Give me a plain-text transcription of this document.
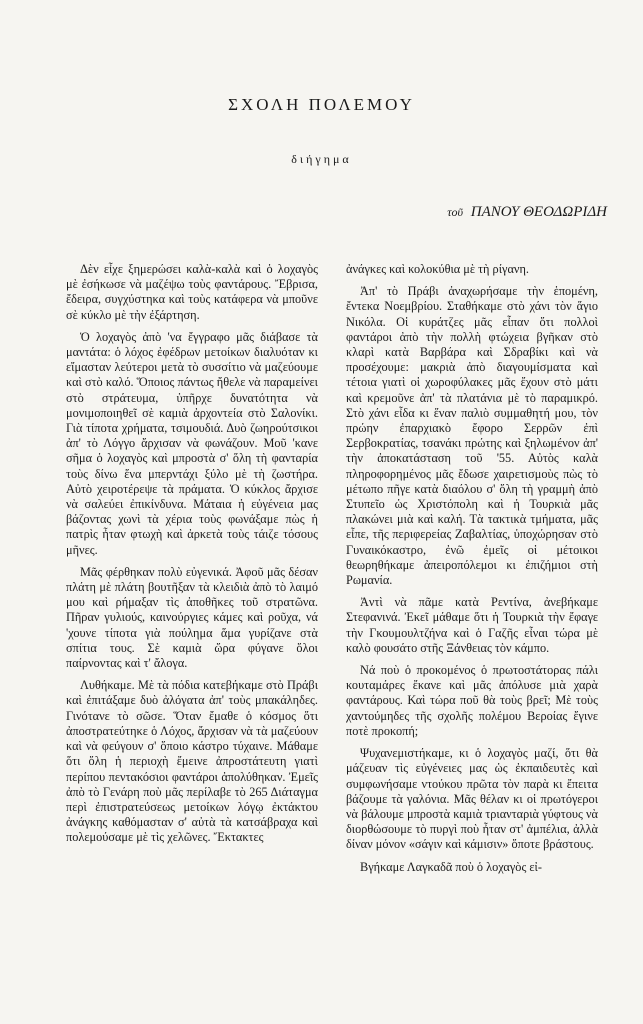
ΣΧΟΛΗ ΠΟΛΕΜΟΥ
διήγημα
τοῦ ΠΑΝΟΥ ΘΕΟΔΩΡΙΔΗ

Δὲν εἶχε ξημερώσει καλὰ-καλὰ καὶ ὁ λοχαγὸς μὲ ἐσήκωσε νὰ μαζέψω τοὺς φαντάρους. Ἔβρισα, ἔδειρα, συγχύστηκα καὶ τοὺς κατάφερα νὰ μποῦνε σὲ κύκλο μὲ τὴν ἐξάρτηση.

Ὁ λοχαγὸς ἀπὸ 'να ἔγγραφο μᾶς διάβασε τὰ μαντάτα: ὁ λόχος ἐφέδρων μετοίκων διαλυόταν κι εἴμασταν λεύτεροι μετὰ τὸ συσσίτιο νὰ μαζεύουμε καὶ στὸ καλό. Ὅποιος πάντως ἤθελε νὰ παραμείνει στὸ στράτευμα, ὑπῆρχε δυνατότητα νὰ μονιμοποιηθεῖ σὲ καμιὰ ἀρχοντεία στὸ Σαλονίκι. Γιὰ τίποτα χρήματα, τσιμουδιά. Δυὸ ζωηρούτσικοι ἀπ' τὸ Λόγγο ἄρχισαν νὰ φωνάζουν. Μοῦ 'κανε σῆμα ὁ λοχαγὸς καὶ μπροστὰ σ' ὅλη τὴ φανταρία τοὺς δίνω ἕνα μπερντάχι ξύλο μὲ τὴ ζωστήρα. Αὐτὸ χειροτέρεψε τὰ πράματα. Ὁ κύκλος ἄρχισε νὰ σαλεύει ἐπικίνδυνα. Μάταια ἡ εὐγένεια μας βάζοντας χωνὶ τὰ χέρια τοὺς φωνάξαμε πὼς ἡ πατρὶς ἦταν φτωχὴ καὶ ἀρκετὰ τοὺς τάιζε τόσους μῆνες.

Μᾶς φέρθηκαν πολὺ εὐγενικά. Ἀφοῦ μᾶς δέσαν πλάτη μὲ πλάτη βουτῆξαν τὰ κλειδιὰ ἀπὸ τὸ λαιμό μου καὶ ρήμαξαν τὶς ἀποθῆκες τοῦ στρατῶνα. Πῆραν γυλιούς, καινούργιες κάμες καὶ ροῦχα, νά 'χουνε τίποτα γιὰ πούλημα ἅμα γυρίζανε στὰ σπίτια τους. Σὲ καμιὰ ὥρα φύγανε ὅλοι παίρνοντας καὶ τ' ἄλογα.

Λυθήκαμε. Μὲ τὰ πόδια κατεβήκαμε στὸ Πράβι καὶ ἐπιτάξαμε δυὸ ἀλόγατα ἀπ' τοὺς μπακάληδες. Γινότανε τὸ σῶσε. Ὅταν ἔμαθε ὁ κόσμος ὅτι ἀποστρατεύτηκε ὁ Λόχος, ἄρχισαν νὰ τὰ μαζεύουν καὶ νὰ φεύγουν σ' ὅποιο κάστρο τύχαινε. Μάθαμε ὅτι ὅλη ἡ περιοχὴ ἔμεινε ἀπροστάτευτη γιατὶ περίπου πεντακόσιοι φαντάροι ἀπολύθηκαν. Ἐμεῖς ἀπὸ τὸ Γενάρη ποὺ μᾶς περίλαβε τὸ 265 Διάταγμα περὶ ἐπιστρατεύσεως μετοίκων λόγῳ ἐκτάκτου ἀνάγκης καθόμασταν σ' αὐτὰ τὰ κατσάβραχα καὶ πολεμούσαμε μὲ τὶς χελῶνες. Ἔκτακτες

ἀνάγκες καὶ κολοκύθια μὲ τὴ ρίγανη.

Ἀπ' τὸ Πράβι ἀναχωρήσαμε τὴν ἑπομένη, ἔντεκα Νοεμβρίου. Σταθήκαμε στὸ χάνι τὸν ἅγιο Νικόλα. Οἱ κυράτζες μᾶς εἶπαν ὅτι πολλοὶ φαντάροι ἀπὸ τὴν πολλὴ φτώχεια βγῆκαν στὸ κλαρὶ κατὰ Βαρβάρα καὶ Σδραβίκι καὶ νὰ προσέχουμε: μακριὰ ἀπὸ διαγουμίσματα καὶ τέτοια γιατὶ οἱ χωροφύλακες μᾶς ἔχουν στὸ μάτι καὶ κρεμοῦνε ἀπ' τὰ πλατάνια μὲ τὸ παραμικρό. Στὸ χάνι εἶδα κι ἕναν παλιὸ συμμαθητή μου, τὸν πρώην ἐπαρχιακὸ ἔφορο Σερρῶν ἐπὶ Σερβοκρατίας, τσανάκι πρώτης καὶ ξηλωμένον ἀπ' τὴν ἀποκατάσταση τοῦ '55. Αὐτὸς καλὰ πληροφορημένος μᾶς ἔδωσε χαιρετισμοὺς πὼς τὸ μέτωπο πῆγε κατὰ διαόλου σ' ὅλη τὴ γραμμὴ ἀπὸ Στυπεῖο ὡς Χριστόπολη καὶ ἡ Τουρκιὰ μᾶς πλακώνει μιὰ καὶ καλή. Τὰ τακτικὰ τμήματα, μᾶς εἶπε, τῆς περιφερείας Ζαβαλτίας, ὑποχώρησαν στὸ Γυναικόκαστρο, ἐνῶ ἐμεῖς οἱ μέτοικοι θεωρηθήκαμε ἀπειροπόλεμοι κι ἐπιζήμιοι στὴ Ρωμανία.

Ἀντὶ νὰ πᾶμε κατὰ Ρεντίνα, ἀνεβήκαμε Στεφανινά. Ἐκεῖ μάθαμε ὅτι ἡ Τουρκιὰ τὴν ἔφαγε τὴν Γκουμουλτζήνα καὶ ὁ Γαζῆς εἶναι τώρα μὲ καλὸ φουσάτο στῆς Ξάνθειας τὸν κάμπο.

Νά ποὺ ὁ προκομένος ὁ πρωτοστάτορας πάλι κουταμάρες ἔκανε καὶ μᾶς ἀπόλυσε μιὰ χαρὰ φαντάρους. Καὶ τώρα ποῦ θὰ τοὺς βρεῖ; Μὲ τοὺς χαντούμηδες τῆς σχολῆς πολέμου Βεροίας ἔγινε ποτὲ προκοπή;

Ψυχανεμιστήκαμε, κι ὁ λοχαγὸς μαζί, ὅτι θὰ μάζευαν τὶς εὐγένειες μας ὡς ἐκπαιδευτὲς καὶ συμφωνήσαμε ντούκου πρῶτα τὸν παρὰ κι ἔπειτα βάζουμε τὰ γαλόνια. Μᾶς θέλαν κι οἱ πρωτόγεροι νὰ βάλουμε μπροστὰ καμιὰ τριανταριὰ γύφτους νὰ διορθώσουμε τὸ πυργὶ ποὺ ἦταν στ' ἀμπέλια, ἀλλὰ δίναν μόνον «σάγιν καὶ κάμισιν» ὅποτε βράστους.

Βγήκαμε Λαγκαδᾶ ποὺ ὁ λοχαγὸς εἰ-
